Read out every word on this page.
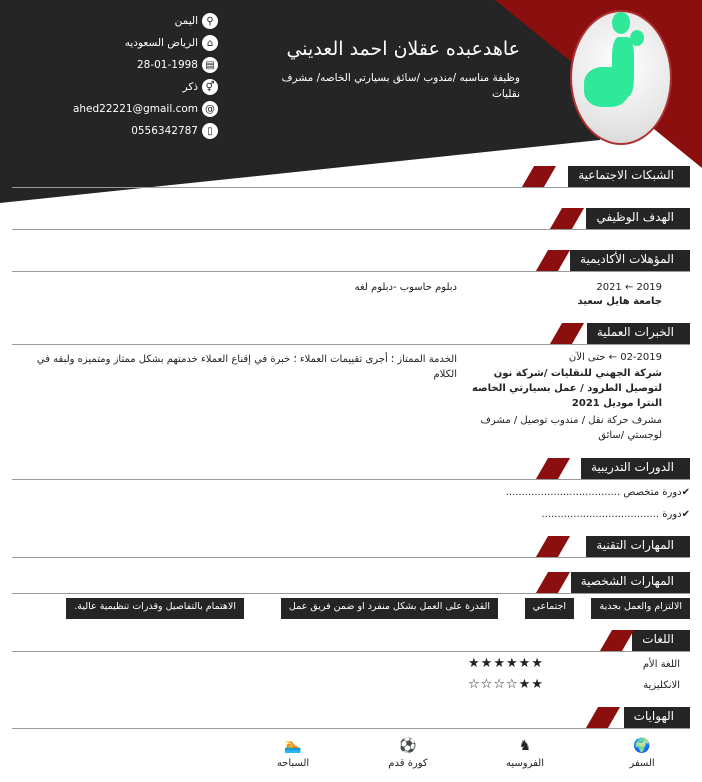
عاهدعبده عقلان احمد العديني
وظيفة مناسبه /مندوب /سائق بسيارتي الخاصه/ مشرف نقليات
⚲
اليمن
⌂
الرياض السعوديه
▤
28-01-1998
⚥
ذكر
@
ahed22221@gmail.com
▯
0556342787
الشبكات الاجتماعية
الهدف الوظيفي
المؤهلات الأكاديمية
2019 ← 2021
جامعة هايل سعيد
دبلوم حاسوب -دبلوم لغه
الخبرات العملية
02-2019 ← حتى الآن
شركة الجهني للنقليات /شركة نون لتوصيل الطرود / عمل بسيارتي الخاصه النترا موديل 2021
مشرف حركة نقل / مندوب توصيل / مشرف لوجستي /سائق
الخدمة الممتاز ؛ أجرى تقييمات العملاء ؛ خبرة في إقناع العملاء خدمتهم بشكل ممتاز ومتميزه ولبقه في الكلام
الدورات التدريبية
✔دورة متخصص ....................................
✔دورة .....................................
المهارات التقنية
المهارات الشخصية
الالتزام والعمل بجدية
اجتماعي
القدرة على العمل بشكل منفرد او ضمن فريق عمل
الاهتمام بالتفاصيل وقدرات تنظيمية عالية.
اللغات
اللغة الأم
★★★★★★
الانكليزية
★★☆☆☆☆
الهوايات
🌍
السفر
♞
الفروسيه
⚽
كورة قدم
🏊
السباحه
